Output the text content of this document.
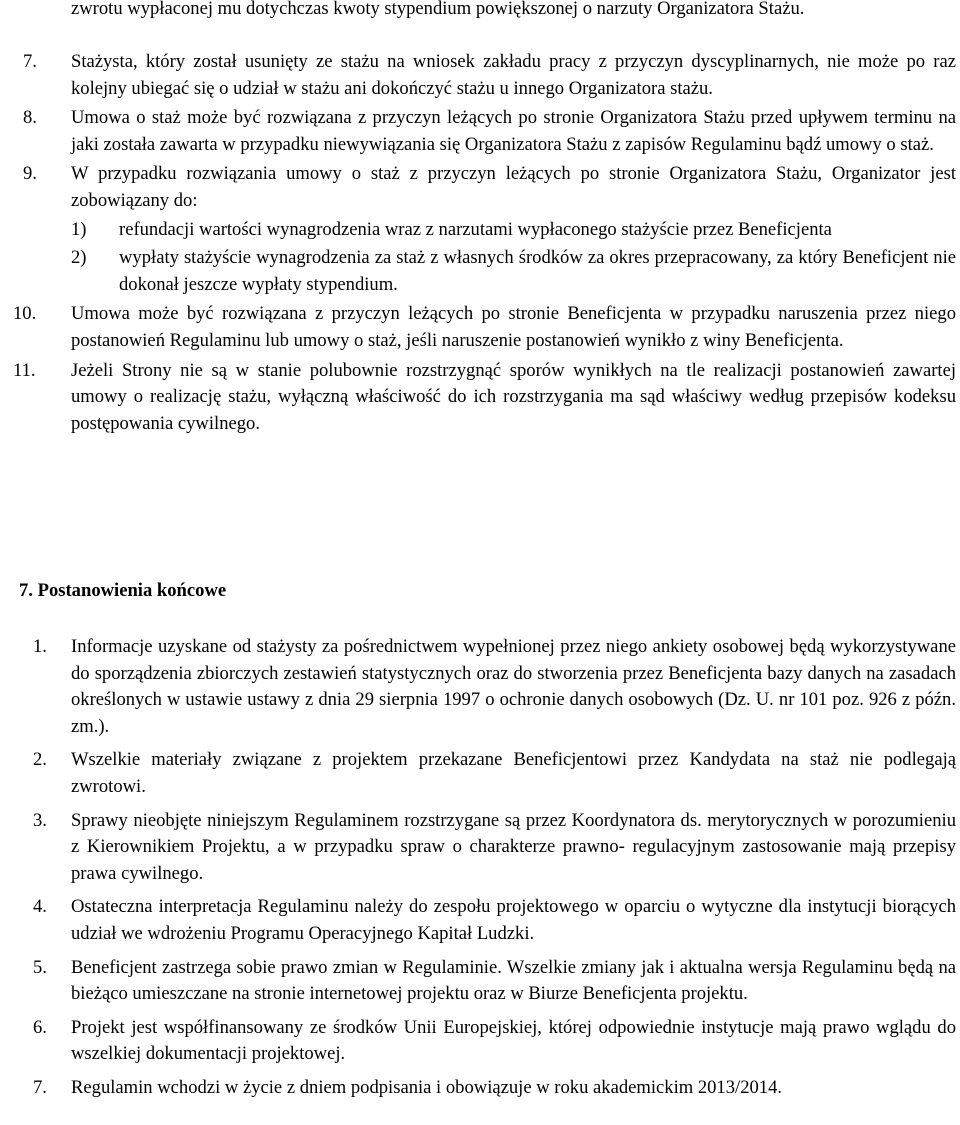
zwrotu wypłaconej mu dotychczas kwoty stypendium powiększonej o narzuty Organizatora Stażu.

7. Stażysta, który został usunięty ze stażu na wniosek zakładu pracy z przyczyn dyscyplinarnych, nie może po raz kolejny ubiegać się o udział w stażu ani dokończyć stażu u innego Organizatora stażu.
8. Umowa o staż może być rozwiązana z przyczyn leżących po stronie Organizatora Stażu przed upływem terminu na jaki została zawarta w przypadku niewywiązania się Organizatora Stażu z zapisów Regulaminu bądź umowy o staż.
9. W przypadku rozwiązania umowy o staż z przyczyn leżących po stronie Organizatora Stażu, Organizator jest zobowiązany do:
1) refundacji wartości wynagrodzenia wraz z narzutami wypłaconego stażyście przez Beneficjenta
2) wypłaty stażyście wynagrodzenia za staż z własnych środków za okres przepracowany, za który Beneficjent nie dokonał jeszcze wypłaty stypendium.
10. Umowa może być rozwiązana z przyczyn leżących po stronie Beneficjenta w przypadku naruszenia przez niego postanowień Regulaminu lub umowy o staż, jeśli naruszenie postanowień wynikło z winy Beneficjenta.
11. Jeżeli Strony nie są w stanie polubownie rozstrzygnąć sporów wynikłych na tle realizacji postanowień zawartej umowy o realizację stażu, wyłączną właściwość do ich rozstrzygania ma sąd właściwy według przepisów kodeksu postępowania cywilnego.
7. Postanowienia końcowe
1. Informacje uzyskane od stażysty za pośrednictwem wypełnionej przez niego ankiety osobowej będą wykorzystywane do sporządzenia zbiorczych zestawień statystycznych oraz do stworzenia przez Beneficjenta bazy danych na zasadach określonych w ustawie ustawy z dnia 29 sierpnia 1997 o ochronie danych osobowych (Dz. U. nr 101 poz. 926 z późn. zm.).
2. Wszelkie materiały związane z projektem przekazane Beneficjentowi przez Kandydata na staż nie podlegają zwrotowi.
3. Sprawy nieobjęte niniejszym Regulaminem rozstrzygane są przez Koordynatora ds. merytorycznych w porozumieniu z Kierownikiem Projektu, a w przypadku spraw o charakterze prawno- regulacyjnym zastosowanie mają przepisy prawa cywilnego.
4. Ostateczna interpretacja Regulaminu należy do zespołu projektowego w oparciu o wytyczne dla instytucji biorących udział we wdrożeniu Programu Operacyjnego Kapitał Ludzki.
5. Beneficjent zastrzega sobie prawo zmian w Regulaminie. Wszelkie zmiany jak i aktualna wersja Regulaminu będą na bieżąco umieszczane na stronie internetowej projektu oraz w Biurze Beneficjenta projektu.
6. Projekt jest współfinansowany ze środków Unii Europejskiej, której odpowiednie instytucje mają prawo wglądu do wszelkiej dokumentacji projektowej.
7. Regulamin wchodzi w życie z dniem podpisania i obowiązuje w roku akademickim 2013/2014.
